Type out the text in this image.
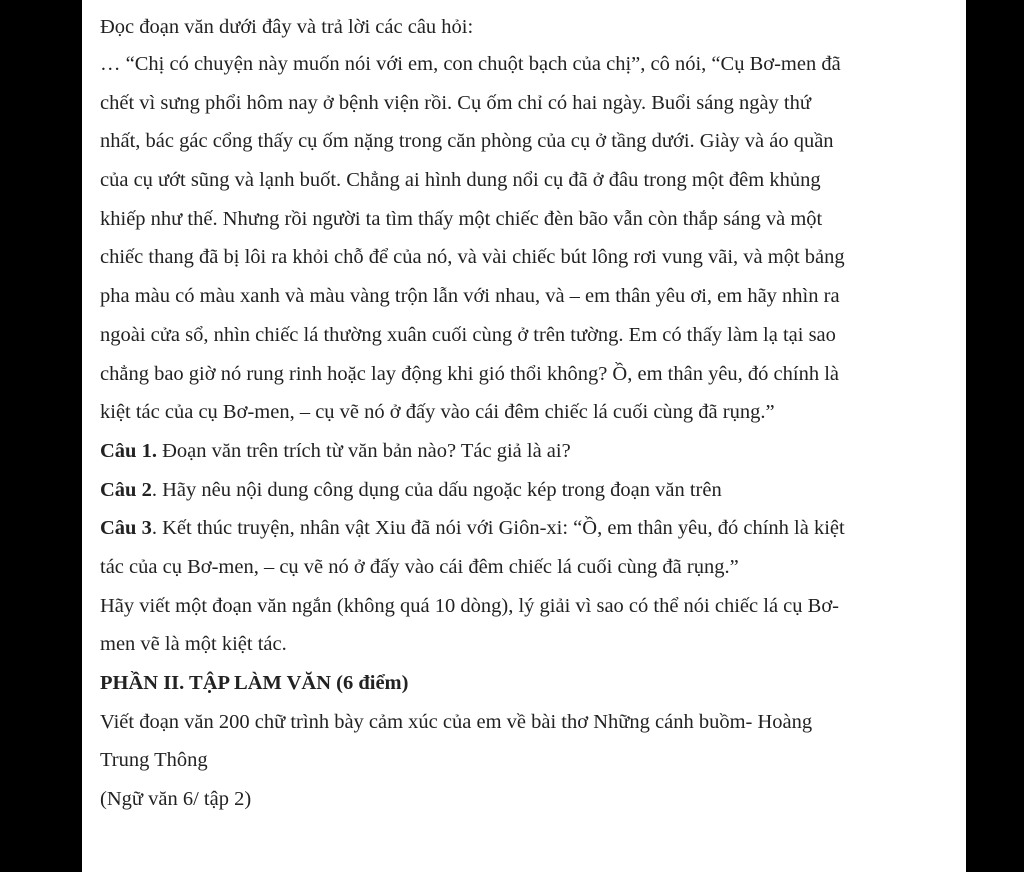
Đọc đoạn văn dưới đây và trả lời các câu hỏi:
… “Chị có chuyện này muốn nói với em, con chuột bạch của chị”, cô nói, “Cụ Bơ-men đã
chết vì sưng phổi hôm nay ở bệnh viện rồi. Cụ ốm chỉ có hai ngày. Buổi sáng ngày thứ
nhất, bác gác cổng thấy cụ ốm nặng trong căn phòng của cụ ở tầng dưới. Giày và áo quần
của cụ ướt sũng và lạnh buốt. Chẳng ai hình dung nổi cụ đã ở đâu trong một đêm khủng
khiếp như thế. Nhưng rồi người ta tìm thấy một chiếc đèn bão vẫn còn thắp sáng và một
chiếc thang đã bị lôi ra khỏi chỗ để của nó, và vài chiếc bút lông rơi vung vãi, và một bảng
pha màu có màu xanh và màu vàng trộn lẫn với nhau, và – em thân yêu ơi, em hãy nhìn ra
ngoài cửa sổ, nhìn chiếc lá thường xuân cuối cùng ở trên tường. Em có thấy làm lạ tại sao
chẳng bao giờ nó rung rinh hoặc lay động khi gió thổi không? Ồ, em thân yêu, đó chính là
kiệt tác của cụ Bơ-men, – cụ vẽ nó ở đấy vào cái đêm chiếc lá cuối cùng đã rụng.”
Câu 1. Đoạn văn trên trích từ văn bản nào? Tác giả là ai?
Câu 2. Hãy nêu nội dung công dụng của dấu ngoặc kép trong đoạn văn trên
Câu 3. Kết thúc truyện, nhân vật Xiu đã nói với Giôn-xi: “Ồ, em thân yêu, đó chính là kiệt
tác của cụ Bơ-men, – cụ vẽ nó ở đấy vào cái đêm chiếc lá cuối cùng đã rụng.”
Hãy viết một đoạn văn ngắn (không quá 10 dòng), lý giải vì sao có thể nói chiếc lá cụ Bơ-
men vẽ là một kiệt tác.
PHẦN II. TẬP LÀM VĂN (6 điểm)
Viết đoạn văn 200 chữ trình bày cảm xúc của em về bài thơ Những cánh buồm- Hoàng
Trung Thông
(Ngữ văn 6/ tập 2)
